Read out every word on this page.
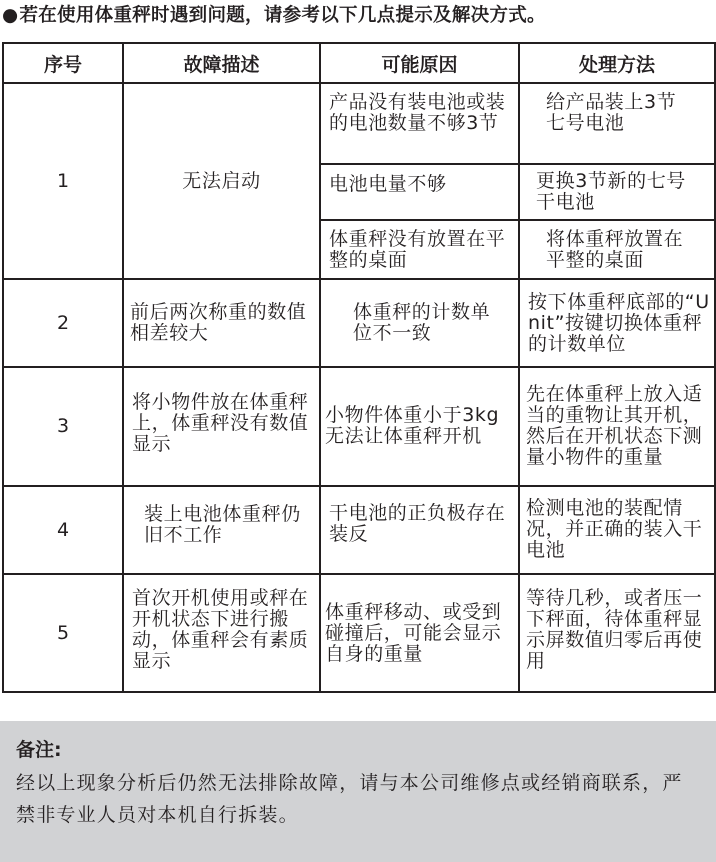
●若在使用体重秤时遇到问题，请参考以下几点提示及解决方式。
序号	故障描述	可能原因	处理方法
1	无法启动	产品没有装电池或装的电池数量不够3节	给产品装上3节七号电池

		电池电量不够	更换3节新的七号干电池

		体重秤没有放置在平整的桌面	将体重秤放置在平整的桌面

2	前后两次称重的数值相差较大	体重秤的计数单位不一致	按下体重秤底部的“Unit”按键切换体重秤的计数单位

3	将小物件放在体重秤上，体重秤没有数值显示	小物件体重小于3kg无法让体重秤开机	先在体重秤上放入适当的重物让其开机，然后在开机状态下测量小物件的重量

4	装上电池体重秤仍旧不工作	干电池的正负极存在装反	检测电池的装配情况，并正确的装入干电池

5	首次开机使用或秤在开机状态下进行搬动，体重秤会有素质显示	体重秤移动、或受到碰撞后，可能会显示自身的重量	等待几秒，或者压一下秤面，待体重秤显示屏数值归零后再使用
备注:
经以上现象分析后仍然无法排除故障，请与本公司维修点或经销商联系，严禁非专业人员对本机自行拆装。
